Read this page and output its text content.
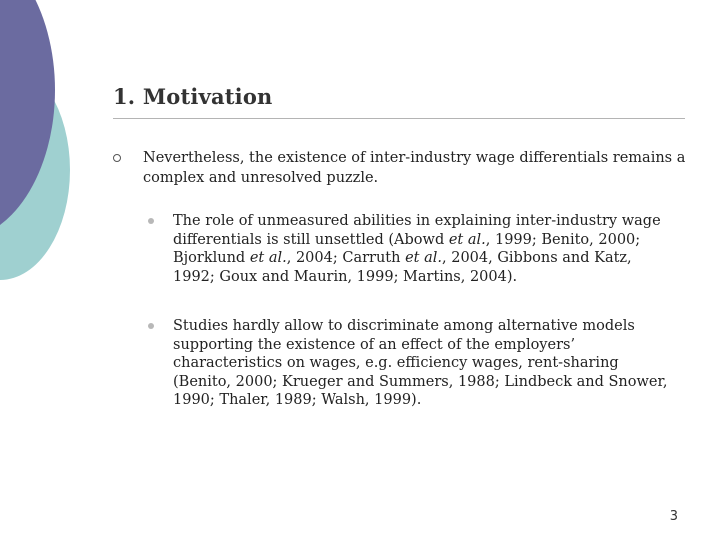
1. Motivation
Nevertheless, the existence of inter-industry wage differentials remains a complex and unresolved puzzle.
The role of unmeasured abilities in explaining inter-industry wage differentials is still unsettled (Abowd et al., 1999; Benito, 2000; Bjorklund et al., 2004; Carruth et al., 2004, Gibbons and Katz, 1992; Goux and Maurin, 1999; Martins, 2004).
Studies hardly allow to discriminate among alternative models supporting the existence of an effect of the employers’ characteristics on wages, e.g. efficiency wages, rent-sharing (Benito, 2000; Krueger and Summers, 1988; Lindbeck and Snower, 1990; Thaler, 1989; Walsh, 1999).
3
